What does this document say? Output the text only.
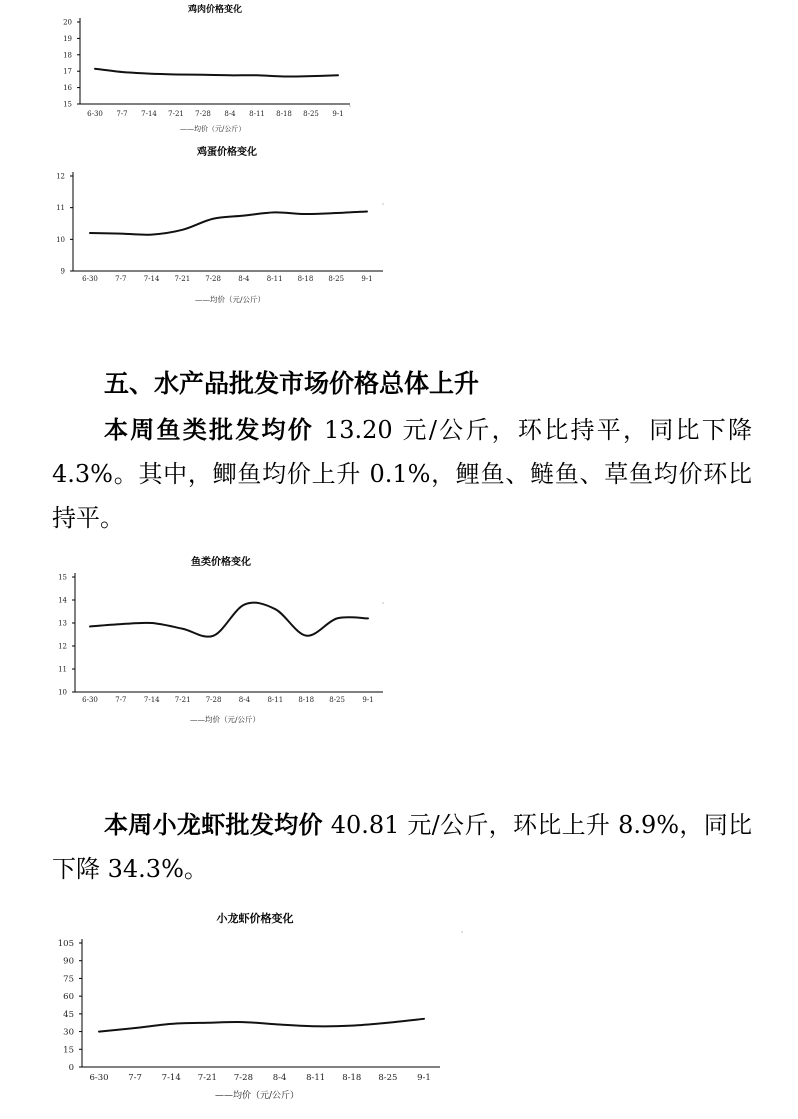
鸡肉价格变化
15
16
17
18
19
20
6-30 7-7 7-14 7-21 7-28 8-4 8-11 8-18 8-25 9-1
——均价（元/公斤）
鸡蛋价格变化
9
10
11
12
6-30 7-7 7-14 7-21 7-28 8-4 8-11 8-18 8-25 9-1
——均价（元/公斤）
五、水产品批发市场价格总体上升

本周鱼类批发均价 13.20 元/公斤，环比持平，同比下降 4.3%。其中，鲫鱼均价上升 0.1%，鲤鱼、鲢鱼、草鱼均价环比持平。

鱼类价格变化
10
11
12
13
14
15
6-30 7-7 7-14 7-21 7-28 8-4 8-11 8-18 8-25 9-1
——均价（元/公斤）

本周小龙虾批发均价 40.81 元/公斤，环比上升 8.9%，同比下降 34.3%。

小龙虾价格变化
0
15
30
45
60
75
90
105
6-30 7-7 7-14 7-21 7-28 8-4 8-11 8-18 8-25 9-1
——均价（元/公斤）
